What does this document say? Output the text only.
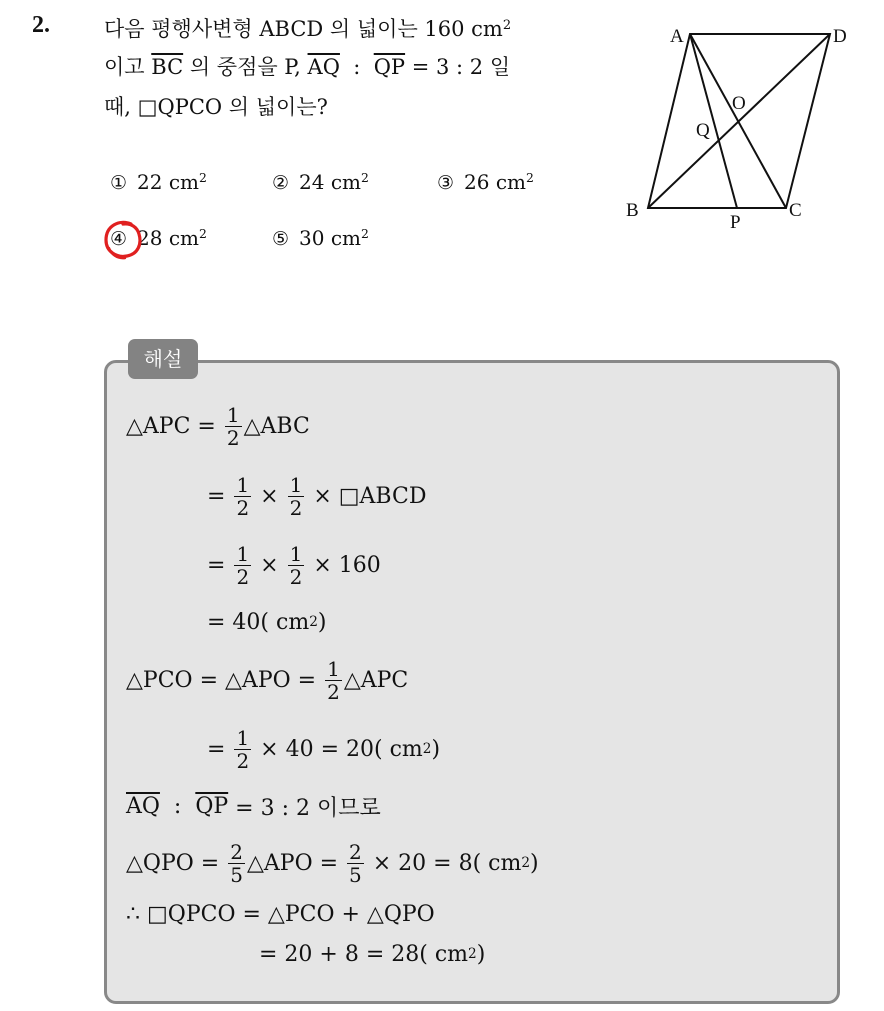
2.	다음 평행사변형 ABCD 의 넓이는 160 $cm^2$
이고 $\overline{BC}$ 의 중점을 P, $\overline{AQ}$  :  $\overline{QP} = 3$ : 2 일
때, □QPCO 의 넓이는?
① 22 $cm^2$	② 24 $cm^2$	③ 26 $cm^2$
④ 28 $cm^2$	⑤ 30 $cm^2$
A	D
B	C
O
Q
P
해설
△APC = $\frac{1}{2}$ △ABC
= $\frac{1}{2} \times \frac{1}{2}$ × □ABCD
= $\frac{1}{2} \times \frac{1}{2} \times 160$
= 40( cm 2 )
△PCO = △APO = $\frac{1}{2}$ △APC
= $\frac{1}{2} \times 40 = 20$( cm 2 )
$\overline{AQ}$ : $\overline{QP} = 3$ : 2 이므로
△QPO = $\frac{2}{5}$ △APO = $\frac{2}{5} \times 20 = 8$( cm 2 )
∴ □QPCO = △PCO + △QPO
= 20 + 8 = 28( cm 2 )
